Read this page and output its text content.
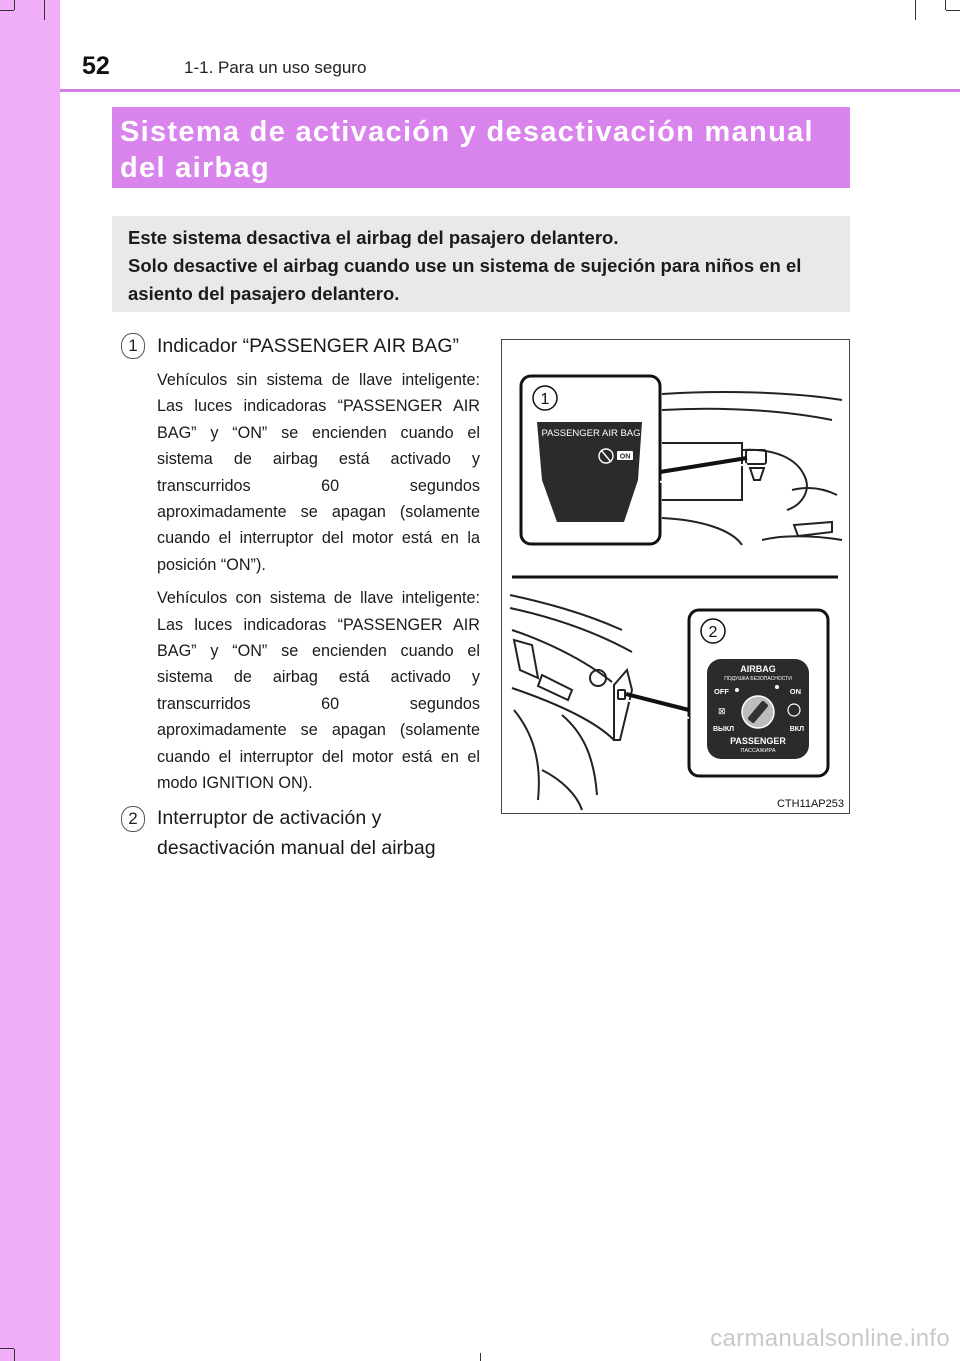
52	1-1. Para un uso seguro
Sistema de activación y desactivación manual del airbag

Este sistema desactiva el airbag del pasajero delantero.

Solo desactive el airbag cuando use un sistema de sujeción para niños en el asiento del pasajero delantero.

1 Indicador “PASSENGER AIR BAG”

Vehículos sin sistema de llave inteligente: Las luces indicadoras “PASSENGER AIR BAG” y “ON” se encienden cuando el sistema de airbag está activado y transcurridos 60 segundos aproximadamente se apagan (solamente cuando el interruptor del motor está en la posición “ON”).

Vehículos con sistema de llave inteligente: Las luces indicadoras “PASSENGER AIR BAG” y “ON” se encienden cuando el sistema de airbag está activado y transcurridos 60 segundos aproximadamente se apagan (solamente cuando el interruptor del motor está en el modo IGNITION ON).

2 Interruptor de activación y desactivación manual del airbag
1
PASSENGER AIR BAG
ON
2
AIRBAG
ПОДУШКА БЕЗОПАСНОСТИ
OFF	ON
⊠
ВЫКЛ	ВКЛ
PASSENGER
ПАССАЖИРА
CTH11AP253
carmanualsonline.info
